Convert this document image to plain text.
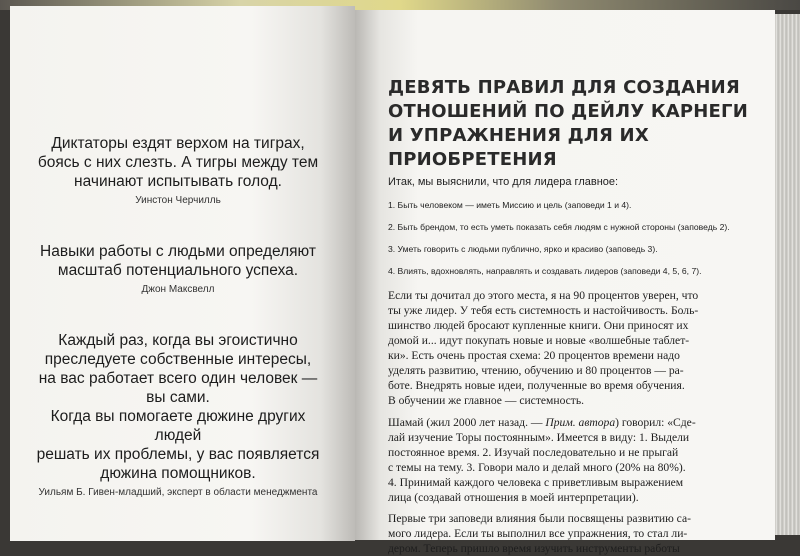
Диктаторы ездят верхом на тиграх,
боясь с них слезть. А тигры между тем
начинают испытывать голод.

Уинстон Черчилль

Навыки работы с людьми определяют
масштаб потенциального успеха.

Джон Максвелл

Каждый раз, когда вы эгоистично
преследуете собственные интересы,
на вас работает всего один человек — вы сами.
Когда вы помогаете дюжине других людей
решать их проблемы, у вас появляется
дюжина помощников.

Уильям Б. Гивен-младший, эксперт в области менеджмента
ДЕВЯТЬ ПРАВИЛ ДЛЯ СОЗДАНИЯ
ОТНОШЕНИЙ ПО ДЕЙЛУ КАРНЕГИ
И УПРАЖНЕНИЯ ДЛЯ ИХ ПРИОБРЕТЕНИЯ

Итак, мы выяснили, что для лидера главное:

1. Быть человеком — иметь Миссию и цель (заповеди 1 и 4).
2. Быть брендом, то есть уметь показать себя людям с нужной стороны (заповедь 2).
3. Уметь говорить с людьми публично, ярко и красиво (заповедь 3).
4. Влиять, вдохновлять, направлять и создавать лидеров (заповеди 4, 5, 6, 7).

Если ты дочитал до этого места, я на 90 процентов уверен, что
ты уже лидер. У тебя есть системность и настойчивость. Боль-
шинство людей бросают купленные книги. Они приносят их
домой и... идут покупать новые и новые «волшебные таблет-
ки». Есть очень простая схема: 20 процентов времени надо
уделять развитию, чтению, обучению и 80 процентов — ра-
боте. Внедрять новые идеи, полученные во время обучения.
В обучении же главное — системность.

Шамай (жил 2000 лет назад. — Прим. автора) говорил: «Сде-
лай изучение Торы постоянным». Имеется в виду: 1. Выдели
постоянное время. 2. Изучай последовательно и не прыгай
с темы на тему. 3. Говори мало и делай много (20% на 80%).
4. Принимай каждого человека с приветливым выражением
лица (создавай отношения в моей интерпретации).

Первые три заповеди влияния были посвящены развитию са-
мого лидера. Если ты выполнил все упражнения, то стал ли-
дером. Теперь пришло время изучить инструменты работы
